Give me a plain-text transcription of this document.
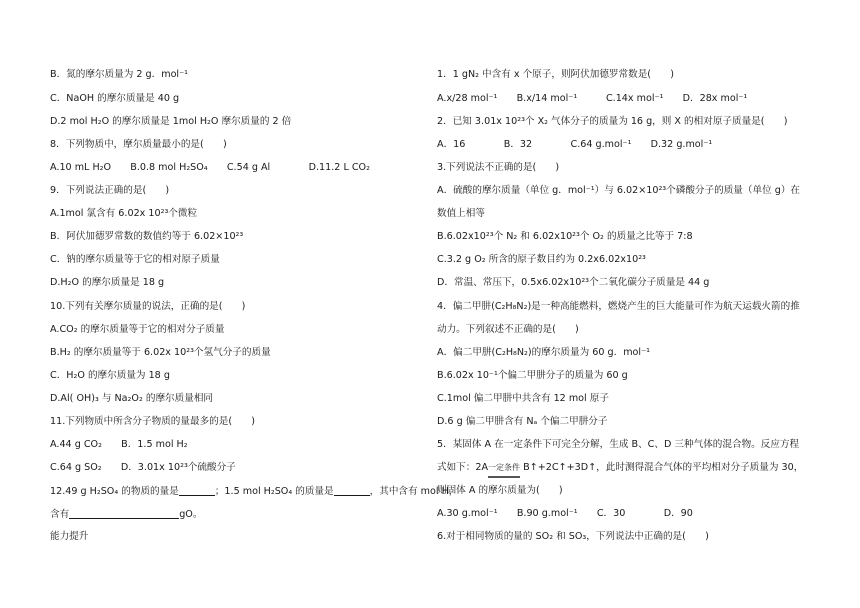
B．氮的摩尔质量为 2 g．mol⁻¹
C．NaOH 的摩尔质量是 40 g
D.2 mol H₂O 的摩尔质量是 1mol H₂O 摩尔质量的 2 倍
8．下列物质中，摩尔质量最小的是(　　)
A.10 mL H₂O　　B.0.8 mol H₂SO₄　　C.54 g Al　　　　D.11.2 L CO₂
9．下列说法正确的是(　　)
A.1mol 氯含有 6.02x 10²³个微粒
B．阿伏加德罗常数的数值约等于 6.02×10²³
C．钠的摩尔质量等于它的相对原子质量
D.H₂O 的摩尔质量是 18 g
10.下列有关摩尔质量的说法，正确的是(　　)
A.CO₂ 的摩尔质量等于它的相对分子质量
B.H₂ 的摩尔质量等于 6.02x 10²³个氢气分子的质量
C．H₂O 的摩尔质量为 18 g
D.Al( OH)₃ 与 Na₂O₂ 的摩尔质量相同
11.下列物质中所含分子物质的量最多的是(　　)
A.44 g CO₂　　B．1.5 mol H₂
C.64 g SO₂　　D．3.01x 10²³个硫酸分子
12.49 g H₂SO₄ 的物质的量是	；1.5 mol H₂SO₄ 的质量是	，其中含有 mol H，
含有	gO。
能力提升
1．1 gN₂ 中含有 x 个原子，则阿伏加德罗常数是(　　)
A.x/28 mol⁻¹　　B.x/14 mol⁻¹　　　C.14x mol⁻¹　　D．28x mol⁻¹
2．已知 3.01x 10²³个 X₂ 气体分子的质量为 16 g，则 X 的相对原子质量是(　　)
A．16　　　　B．32　　　　C.64 g.mol⁻¹　　D.32 g.mol⁻¹
3.下列说法不正确的是(　　)
A．硫酸的摩尔质量（单位 g．mol⁻¹）与 6.02×10²³个磷酸分子的质量（单位 g）在
数值上相等
B.6.02x10²³个 N₂ 和 6.02x10²³个 O₂ 的质量之比等于 7:8
C.3.2 g O₂ 所含的原子数目约为 0.2x6.02x10²³
D．常温、常压下，0.5x6.02x10²³个二氧化碳分子质量是 44 g
4．偏二甲肼(C₂H₈N₂)是一种高能燃料，燃烧产生的巨大能量可作为航天运载火箭的推
动力。下列叙述不正确的是(　　)
A．偏二甲肼(C₂H₈N₂)的摩尔质量为 60 g．mol⁻¹
B.6.02x 10⁻¹个偏二甲肼分子的质量为 60 g
C.1mol 偏二甲肼中共含有 12 mol 原子
D.6 g 偏二甲肼含有 Nₐ 个偏二甲肼分子
5．某固体 A 在一定条件下可完全分解，生成 B、C、D 三种气体的混合物。反应方程
式如下：2A一定条件
B↑+2C↑+3D↑，此时测得混合气体的平均相对分子质量为 30，
则固体 A 的摩尔质量为(　　)
A.30 g.mol⁻¹　　B.90 g.mol⁻¹　　C．30　　　　D．90
6.对于相同物质的量的 SO₂ 和 SO₃，下列说法中正确的是(　　)
